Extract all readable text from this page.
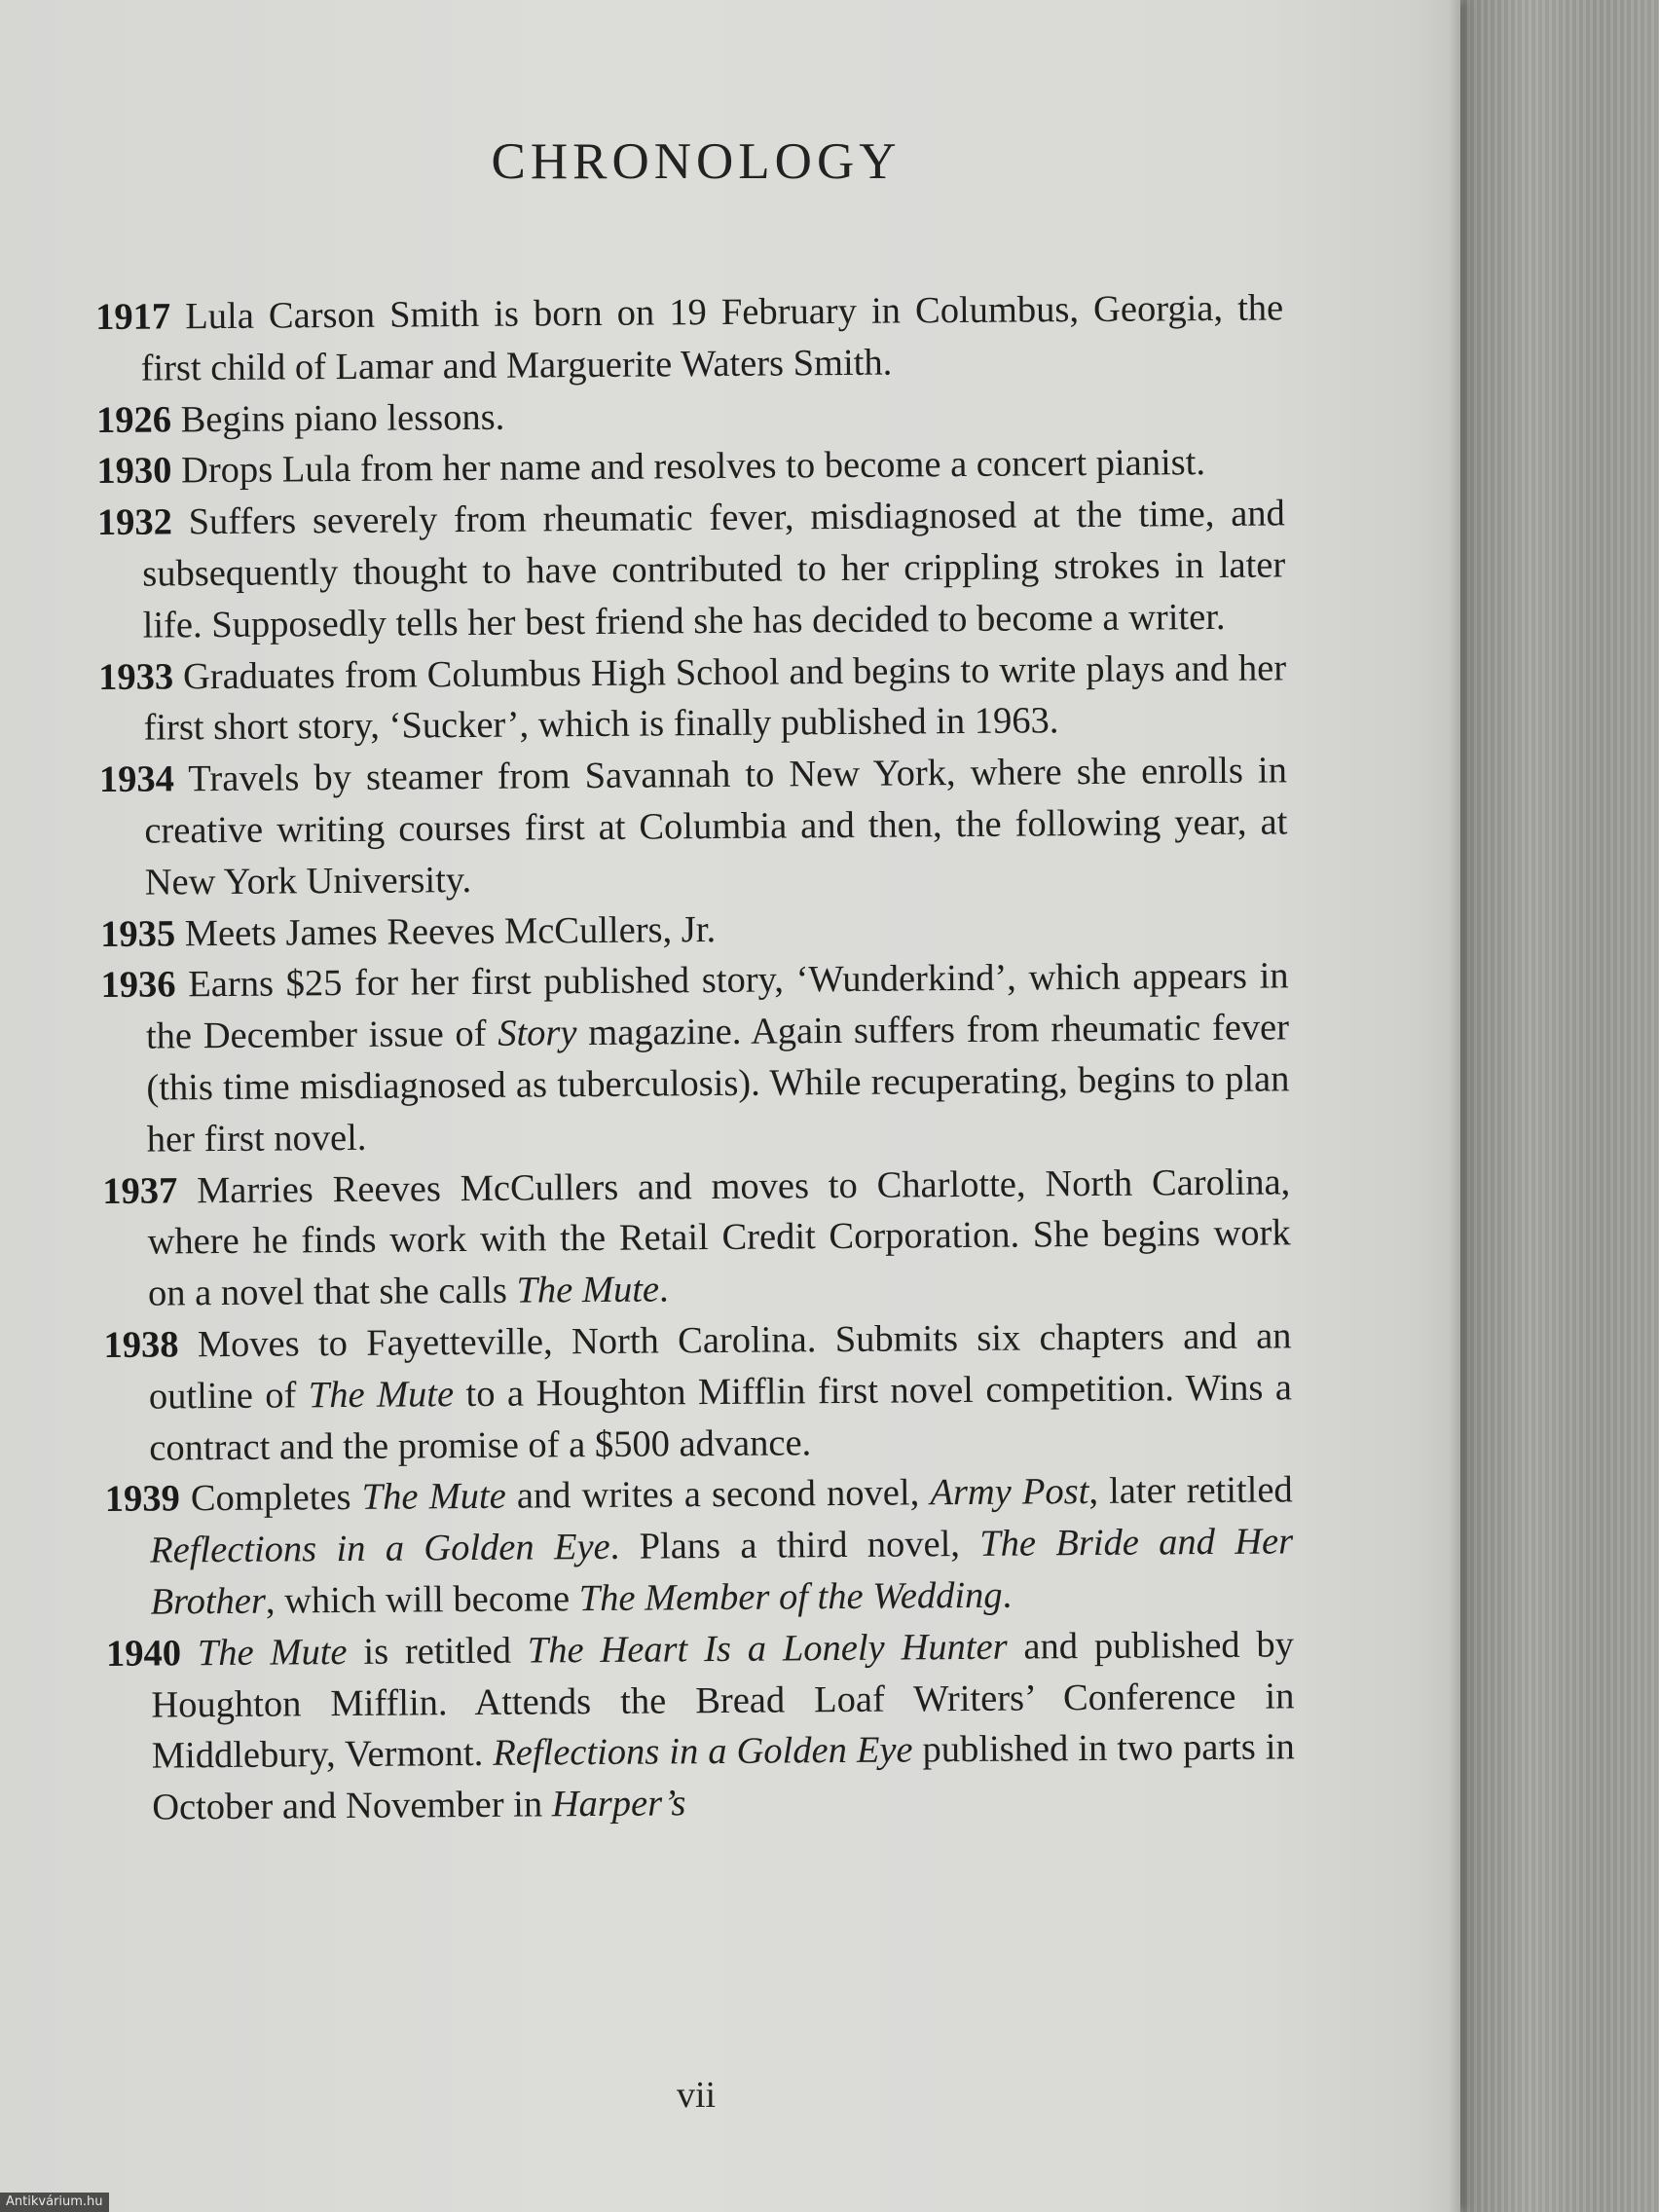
CHRONOLOGY

1917 Lula Carson Smith is born on 19 February in Columbus, Georgia, the first child of Lamar and Marguerite Waters Smith.

1926 Begins piano lessons.

1930 Drops Lula from her name and resolves to become a concert pianist.

1932 Suffers severely from rheumatic fever, misdiagnosed at the time, and subsequently thought to have contributed to her crippling strokes in later life. Supposedly tells her best friend she has decided to become a writer.

1933 Graduates from Columbus High School and begins to write plays and her first short story, ‘Sucker’, which is finally published in 1963.

1934 Travels by steamer from Savannah to New York, where she enrolls in creative writing courses first at Columbia and then, the following year, at New York University.

1935 Meets James Reeves McCullers, Jr.

1936 Earns $25 for her first published story, ‘Wunderkind’, which appears in the December issue of Story magazine. Again suffers from rheumatic fever (this time misdiagnosed as tuberculosis). While recuperating, begins to plan her first novel.

1937 Marries Reeves McCullers and moves to Charlotte, North Carolina, where he finds work with the Retail Credit Corporation. She begins work on a novel that she calls The Mute.

1938 Moves to Fayetteville, North Carolina. Submits six chapters and an outline of The Mute to a Houghton Mifflin first novel competition. Wins a contract and the promise of a $500 advance.

1939 Completes The Mute and writes a second novel, Army Post, later retitled Reflections in a Golden Eye. Plans a third novel, The Bride and Her Brother, which will become The Member of the Wedding.

1940 The Mute is retitled The Heart Is a Lonely Hunter and published by Houghton Mifflin. Attends the Bread Loaf Writers’ Conference in Middlebury, Vermont. Reflections in a Golden Eye published in two parts in October and November in Harper’s

vii

Antikvárium.hu
